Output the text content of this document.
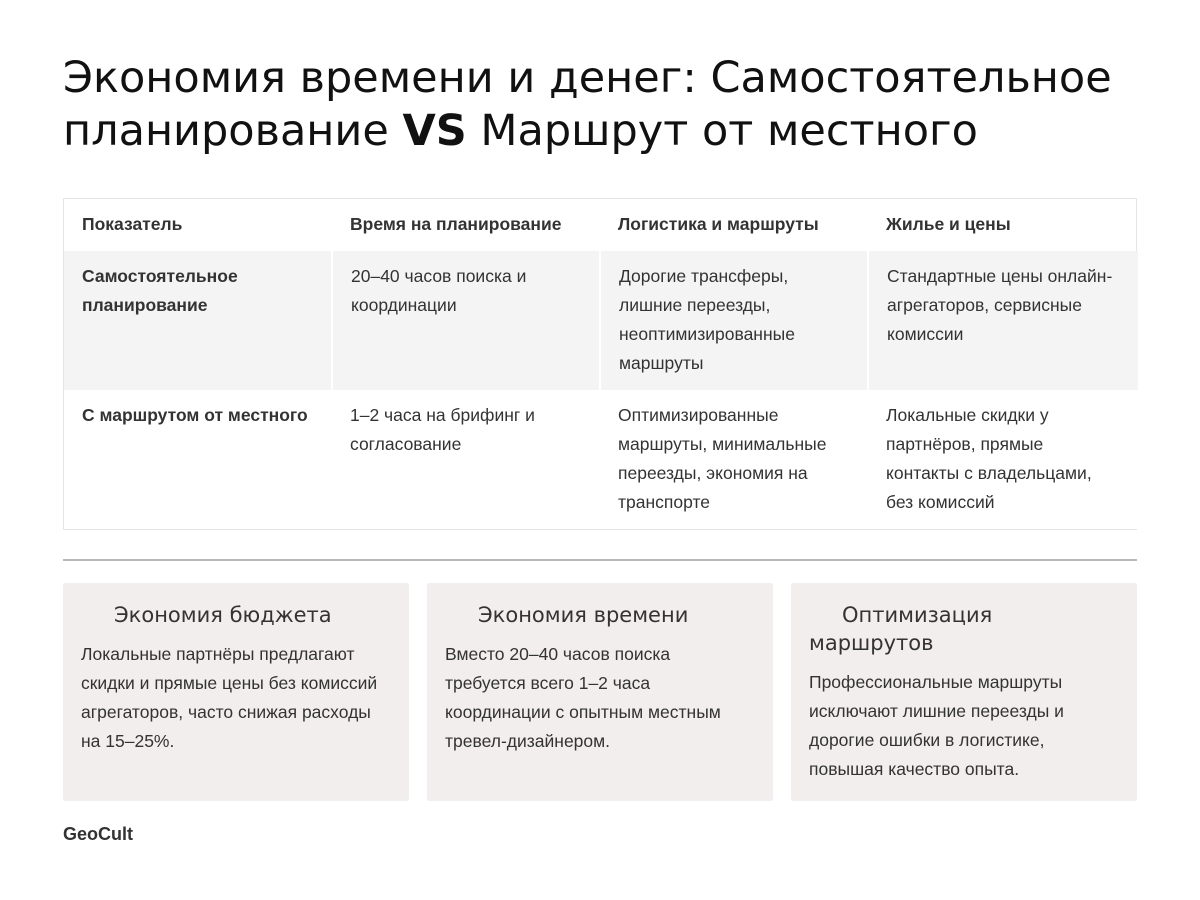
Экономия времени и денег: Самостоятельное планирование VS Маршрут от местного
Показатель	Время на планирование	Логистика и маршруты	Жилье и цены
Самостоятельное планирование	20–40 часов поиска и координации	Дорогие трансферы, лишние переезды, неоптимизированные маршруты	Стандартные цены онлайн-агрегаторов, сервисные комиссии
С маршрутом от местного	1–2 часа на брифинг и согласование	Оптимизированные маршруты, минимальные переезды, экономия на транспорте	Локальные скидки у партнёров, прямые контакты с владельцами, без комиссий
Экономия бюджета
Локальные партнёры предлагают скидки и прямые цены без комиссий агрегаторов, часто снижая расходы на 15–25%.
Экономия времени
Вместо 20–40 часов поиска требуется всего 1–2 часа координации с опытным местным тревел-дизайнером.
Оптимизация маршрутов
Профессиональные маршруты исключают лишние переезды и дорогие ошибки в логистике, повышая качество опыта.
GeoCult
